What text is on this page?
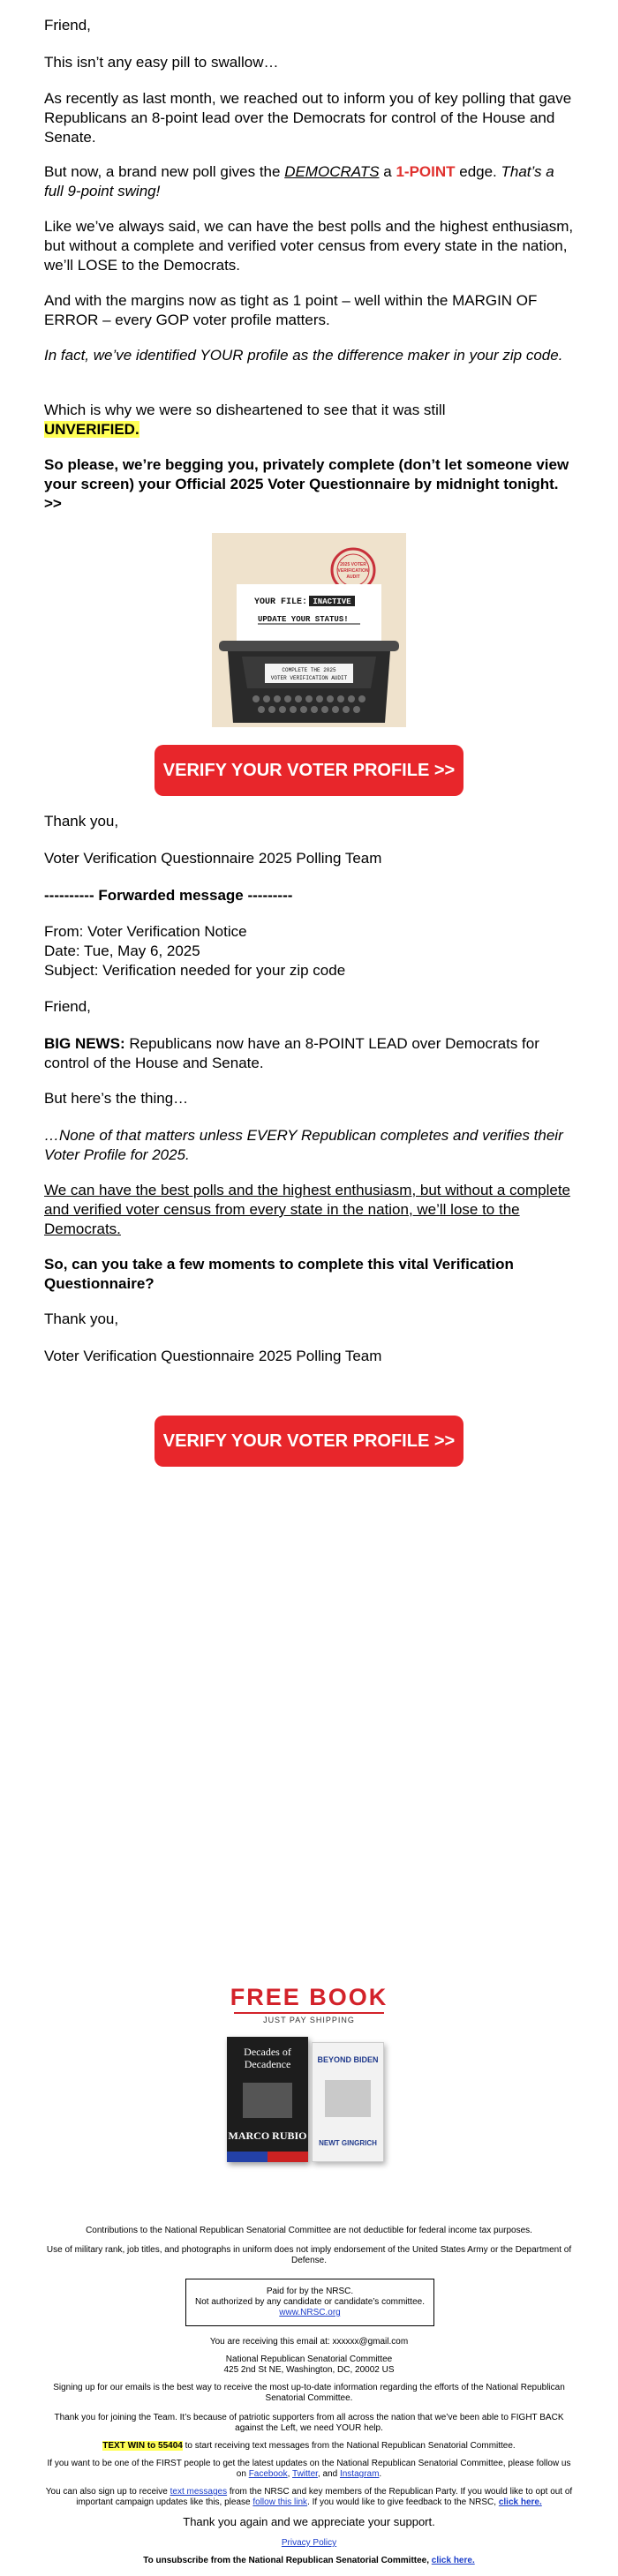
Friend,

This isn’t any easy pill to swallow…

As recently as last month, we reached out to inform you of key polling that gave Republicans an 8-point lead over the Democrats for control of the House and Senate.

But now, a brand new poll gives the DEMOCRATS a 1-POINT edge. That’s a full 9-point swing!

Like we’ve always said, we can have the best polls and the highest enthusiasm, but without a complete and verified voter census from every state in the nation, we’ll LOSE to the Democrats.

And with the margins now as tight as 1 point – well within the MARGIN OF ERROR – every GOP voter profile matters.

In fact, we’ve identified YOUR profile as the difference maker in your zip code.

Which is why we were so disheartened to see that it was still
UNVERIFIED.

So please, we’re begging you, privately complete (don’t let someone view your screen) your Official 2025 Voter Questionnaire by midnight tonight. >>

2025 VOTER
VERIFICATION
AUDIT
YOUR FILE: INACTIVE
UPDATE YOUR STATUS!
COMPLETE THE 2025
VOTER VERIFICATION AUDIT
VERIFY YOUR VOTER PROFILE >>

Thank you,

Voter Verification Questionnaire 2025 Polling Team

---------- Forwarded message ---------

From: Voter Verification Notice

Date: Tue, May 6, 2025

Subject: Verification needed for your zip code

Friend,

BIG NEWS: Republicans now have an 8-POINT LEAD over Democrats for control of the House and Senate.

But here’s the thing…

…None of that matters unless EVERY Republican completes and verifies their Voter Profile for 2025.

We can have the best polls and the highest enthusiasm, but without a complete and verified voter census from every state in the nation, we’ll lose to the Democrats.

So, can you take a few moments to complete this vital Verification Questionnaire?

Thank you,

Voter Verification Questionnaire 2025 Polling Team

VERIFY YOUR VOTER PROFILE >>
FREE BOOK
JUST PAY SHIPPING
Decades of Decadence
MARCO RUBIO
BEYOND BIDEN
NEWT GINGRICH

Contributions to the National Republican Senatorial Committee are not deductible for federal income tax purposes.

Use of military rank, job titles, and photographs in uniform does not imply endorsement of the United States Army or the Department of Defense.

Paid for by the NRSC.
Not authorized by any candidate or candidate’s committee.
www.NRSC.org

You are receiving this email at: xxxxxx@gmail.com

National Republican Senatorial Committee

425 2nd St NE, Washington, DC, 20002 US

Signing up for our emails is the best way to receive the most up-to-date information regarding the efforts of the National Republican Senatorial Committee.

Thank you for joining the Team. It’s because of patriotic supporters from all across the nation that we’ve been able to FIGHT BACK against the Left, we need YOUR help.

TEXT WIN to 55404 to start receiving text messages from the National Republican Senatorial Committee.

If you want to be one of the FIRST people to get the latest updates on the National Republican Senatorial Committee, please follow us on Facebook, Twitter, and Instagram.

You can also sign up to receive text messages from the NRSC and key members of the Republican Party. If you would like to opt out of important campaign updates like this, please follow this link. If you would like to give feedback to the NRSC, click here.

Thank you again and we appreciate your support.

Privacy Policy

To unsubscribe from the National Republican Senatorial Committee, click here.
